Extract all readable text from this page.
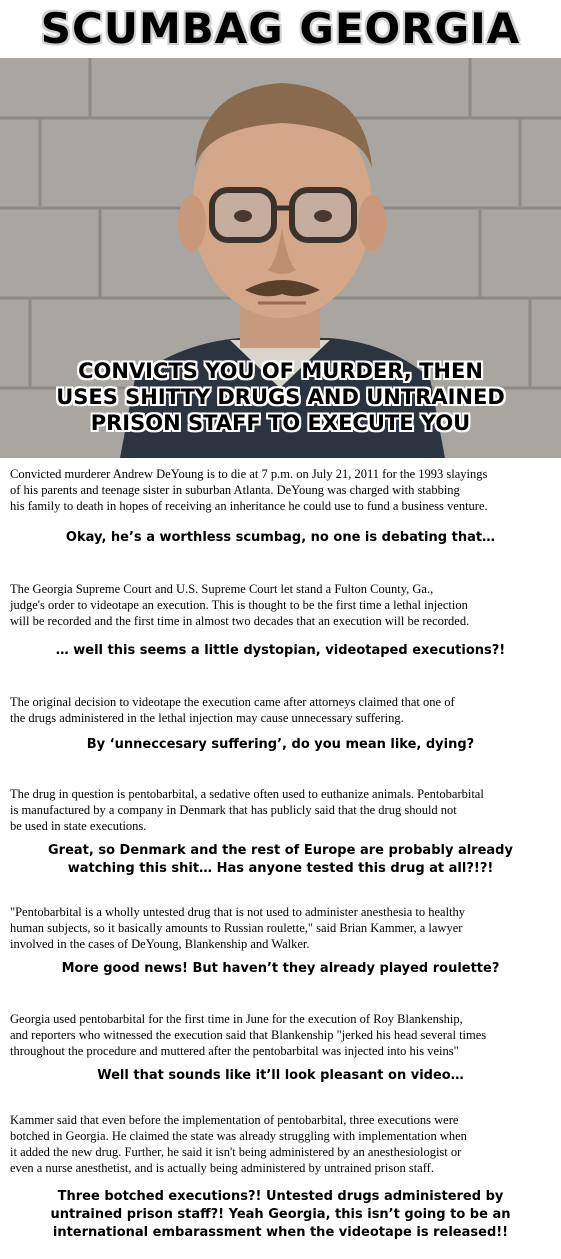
SCUMBAG GEORGIA
CONVICTS YOU OF MURDER, THEN
USES SHITTY DRUGS AND UNTRAINED
PRISON STAFF TO EXECUTE YOU
Convicted murderer Andrew DeYoung is to die at 7 p.m. on July 21, 2011 for the 1993 slayings
of his parents and teenage sister in suburban Atlanta. DeYoung was charged with stabbing
his family to death in hopes of receiving an inheritance he could use to fund a business venture.
Okay, he’s a worthless scumbag, no one is debating that…
The Georgia Supreme Court and U.S. Supreme Court let stand a Fulton County, Ga.,
judge's order to videotape an execution. This is thought to be the first time a lethal injection
will be recorded and the first time in almost two decades that an execution will be recorded.
… well this seems a little dystopian, videotaped executions?!
The original decision to videotape the execution came after attorneys claimed that one of
the drugs administered in the lethal injection may cause unnecessary suffering.
By ‘unneccesary suffering’, do you mean like, dying?
The drug in question is pentobarbital, a sedative often used to euthanize animals. Pentobarbital
is manufactured by a company in Denmark that has publicly said that the drug should not
be used in state executions.
Great, so Denmark and the rest of Europe are probably already
watching this shit… Has anyone tested this drug at all?!?!
"Pentobarbital is a wholly untested drug that is not used to administer anesthesia to healthy
human subjects, so it basically amounts to Russian roulette," said Brian Kammer, a lawyer
involved in the cases of DeYoung, Blankenship and Walker.
More good news! But haven’t they already played roulette?
Georgia used pentobarbital for the first time in June for the execution of Roy Blankenship,
and reporters who witnessed the execution said that Blankenship "jerked his head several times
throughout the procedure and muttered after the pentobarbital was injected into his veins"
Well that sounds like it’ll look pleasant on video…
Kammer said that even before the implementation of pentobarbital, three executions were
botched in Georgia. He claimed the state was already struggling with implementation when
it added the new drug. Further, he said it isn't being administered by an anesthesiologist or
even a nurse anesthetist, and is actually being administered by untrained prison staff.
Three botched executions?! Untested drugs administered by
untrained prison staff?! Yeah Georgia, this isn’t going to be an
international embarassment when the videotape is released!!
